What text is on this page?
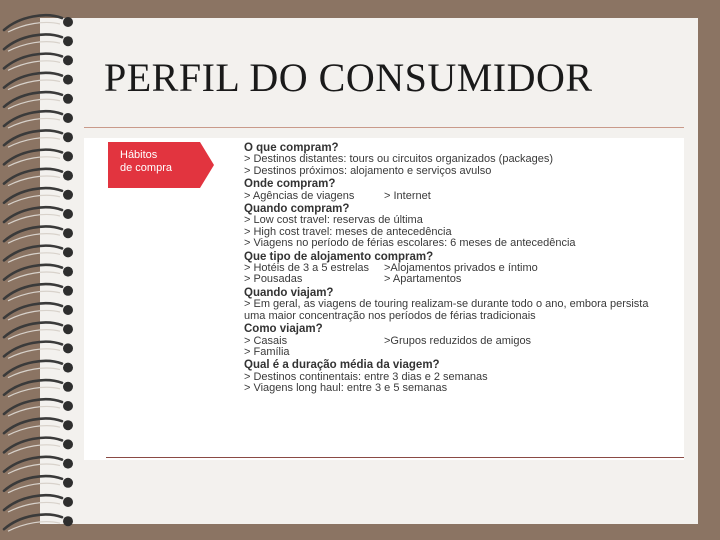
PERFIL DO CONSUMIDOR
Hábitos
de compra
O que compram?
> Destinos distantes: tours ou circuitos organizados (packages)
> Destinos próximos: alojamento e serviços avulso
Onde compram?
> Agências de viagens	> Internet
Quando compram?
> Low cost travel: reservas de última
> High cost travel: meses de antecedência
> Viagens no período de férias escolares: 6 meses de antecedência
Que tipo de alojamento compram?
> Hotéis de 3 a 5 estrelas	>Alojamentos privados e íntimo
> Pousadas	> Apartamentos
Quando viajam?
> Em geral, as viagens de touring realizam-se durante todo o ano, embora persista
uma maior concentração nos períodos de férias tradicionais
Como viajam?
> Casais	>Grupos reduzidos de amigos
> Família
Qual é a duração média da viagem?
> Destinos continentais: entre 3 dias e 2 semanas
> Viagens long haul: entre 3 e 5 semanas
